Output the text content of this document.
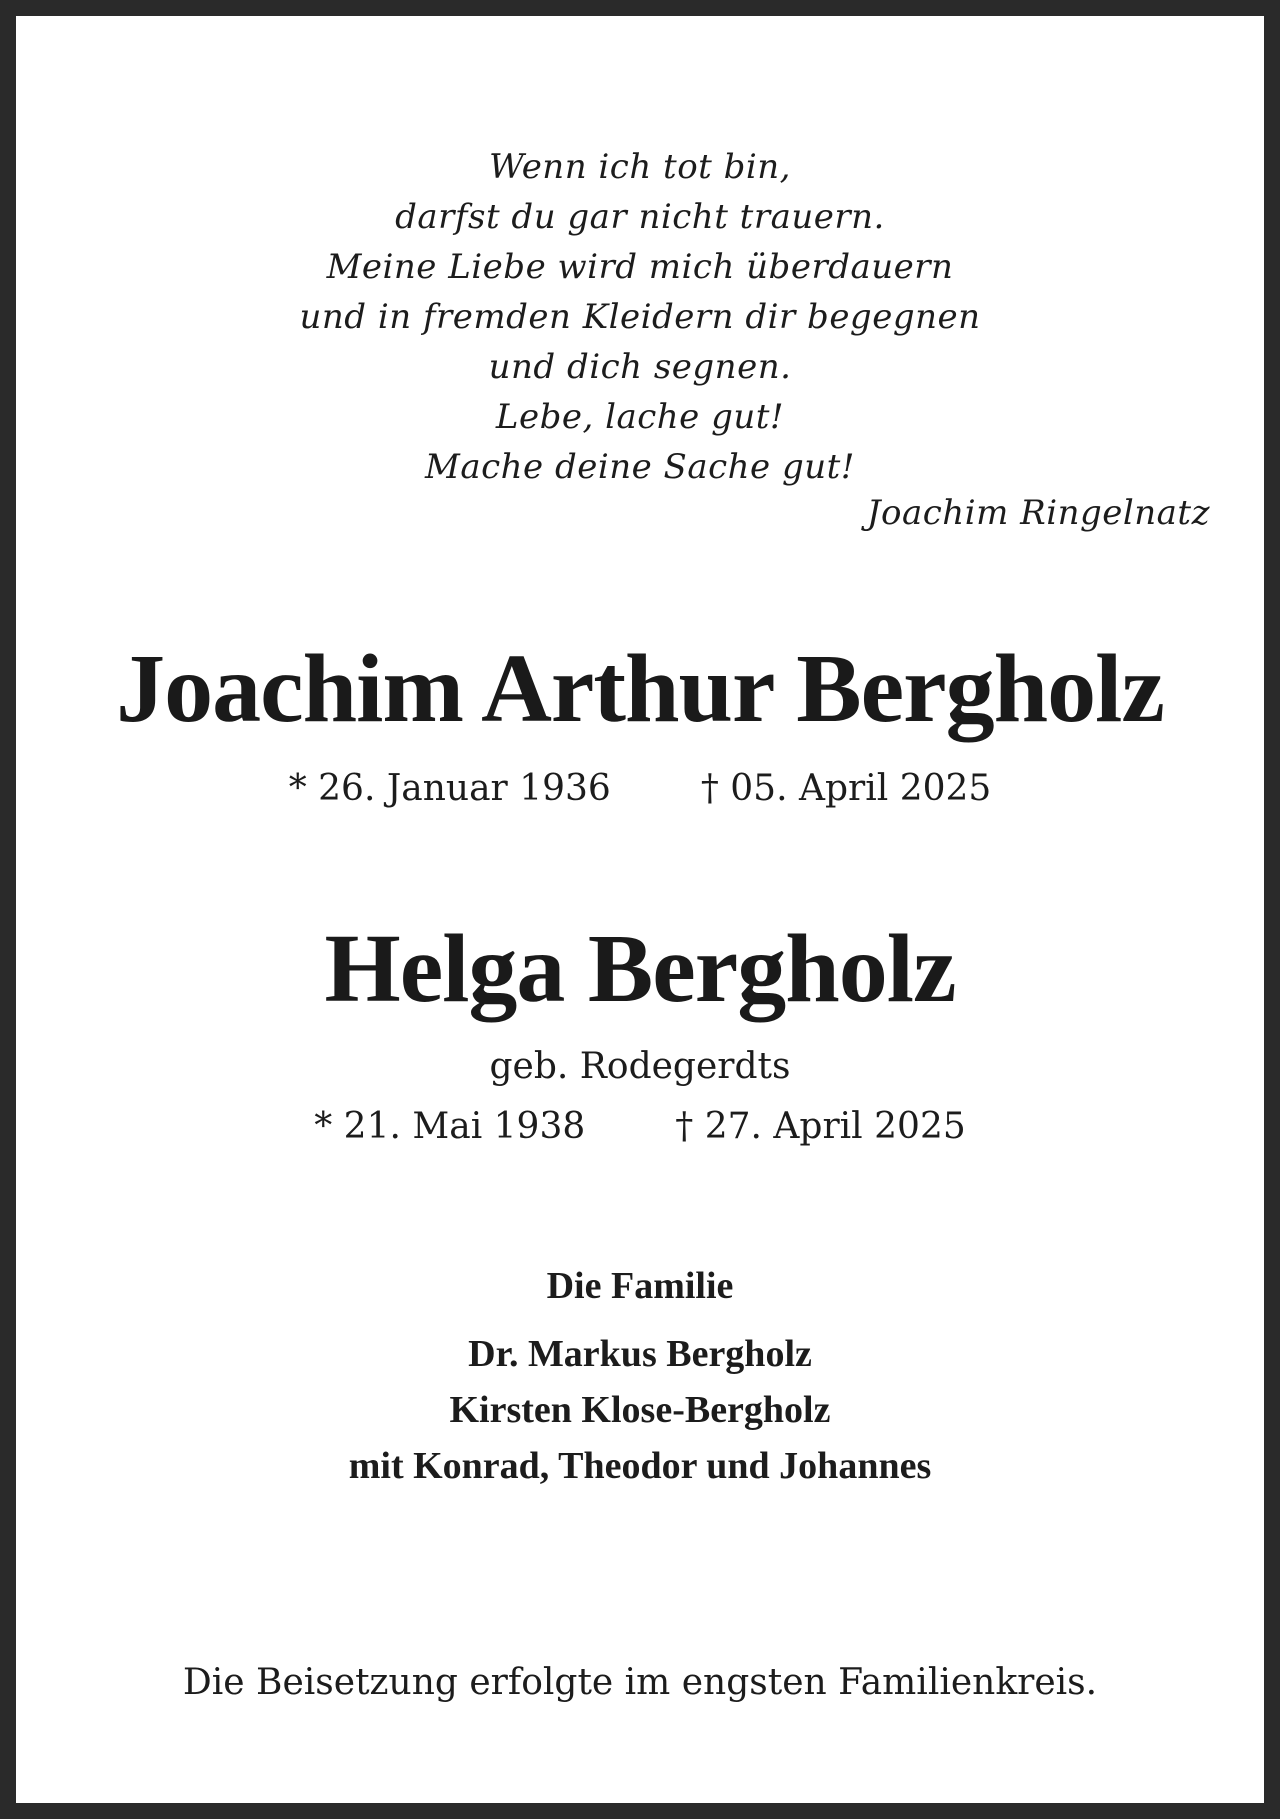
Wenn ich tot bin,
darfst du gar nicht trauern.
Meine Liebe wird mich überdauern
und in fremden Kleidern dir begegnen
und dich segnen.
Lebe, lache gut!
Mache deine Sache gut!
Joachim Ringelnatz
Joachim Arthur Bergholz
* 26. Januar 1936	† 05. April 2025
Helga Bergholz
geb. Rodegerdts
* 21. Mai 1938	† 27. April 2025
Die Familie
Dr. Markus Bergholz
Kirsten Klose-Bergholz
mit Konrad, Theodor und Johannes
Die Beisetzung erfolgte im engsten Familienkreis.
